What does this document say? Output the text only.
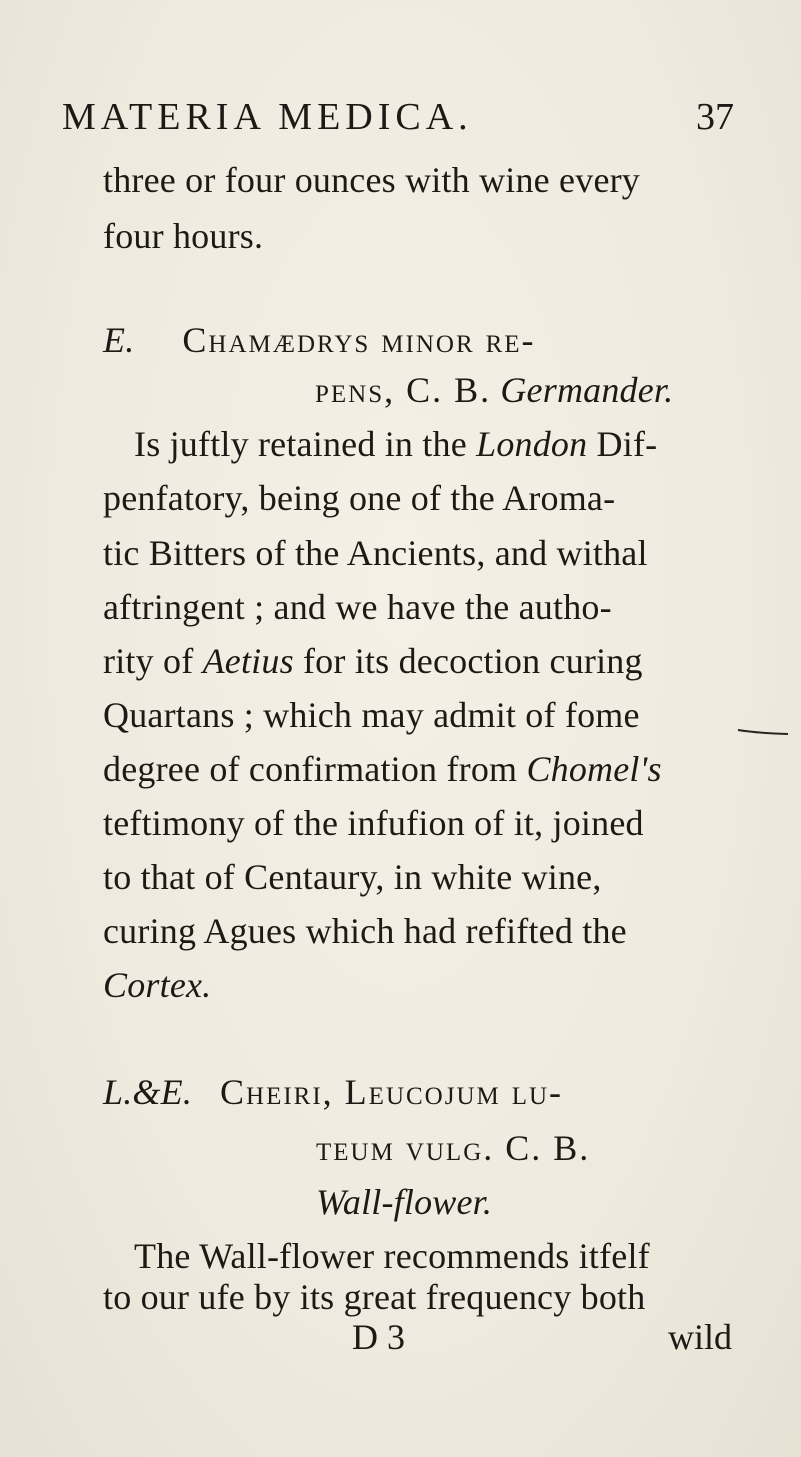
MATERIA MEDICA.	37
three or four ounces with wine every
four hours.
E. Chamædrys minor re-
pens, C. B. Germander.
Is juftly retained in the London Dif-
penfatory, being one of the Aroma-
tic Bitters of the Ancients, and withal
aftringent ; and we have the autho-
rity of Aetius for its decoction curing
Quartans ; which may admit of fome
degree of confirmation from Chomel's
teftimony of the infufion of it, joined
to that of Centaury, in white wine,
curing Agues which had refifted the
Cortex.
L.&E. Cheiri, Leucojum lu-
teum vulg. C. B.
Wall-flower.
The Wall-flower recommends itfelf
to our ufe by its great frequency both
D 3	wild
